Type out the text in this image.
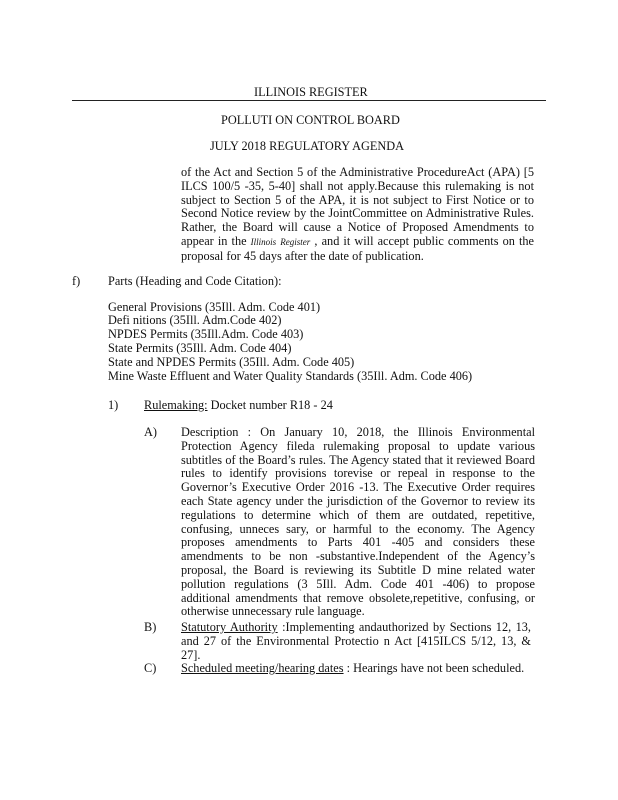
ILLINOIS REGISTER
POLLUTI ON CONTROL BOARD
JULY 2018 REGULATORY AGENDA
of the Act and Section 5 of the Administrative ProcedureAct (APA) [5 ILCS 100/5 -35, 5-40] shall not apply.Because this rulemaking is not subject to Section 5 of the APA, it is not subject to First Notice or to Second Notice review by the JointCommittee on Administrative Rules. Rather, the Board will cause a Notice of Proposed Amendments to appear in the Illinois Register , and it will accept public comments on the proposal for 45 days after the date of publication.
f) Parts (Heading and Code Citation):
General Provisions (35Ill. Adm. Code 401)
Defi nitions (35Ill. Adm.Code 402)
NPDES Permits (35Ill.Adm. Code 403)
State Permits (35Ill. Adm. Code 404)
State and NPDES Permits (35Ill. Adm. Code 405)
Mine Waste Effluent and Water Quality Standards (35Ill. Adm. Code 406)
1) Rulemaking: Docket number R18 - 24
A) Description : On January 10, 2018, the Illinois Environmental Protection Agency fileda rulemaking proposal to update various subtitles of the Board’s rules. The Agency stated that it reviewed Board rules to identify provisions torevise or repeal in response to the Governor’s Executive Order 2016 -13. The Executive Order requires each State agency under the jurisdiction of the Governor to review its regulations to determine which of them are outdated, repetitive, confusing, unneces sary, or harmful to the economy. The Agency proposes amendments to Parts 401 -405 and considers these amendments to be non -substantive.Independent of the Agency’s proposal, the Board is reviewing its Subtitle D mine related water pollution regulations (3 5Ill. Adm. Code 401 -406) to propose additional amendments that remove obsolete,repetitive, confusing, or otherwise unnecessary rule language.
B) Statutory Authority :Implementing andauthorized by Sections 12, 13, and 27 of the Environmental Protectio n Act [415ILCS 5/12, 13, & 27].
C) Scheduled meeting/hearing dates : Hearings have not been scheduled.
